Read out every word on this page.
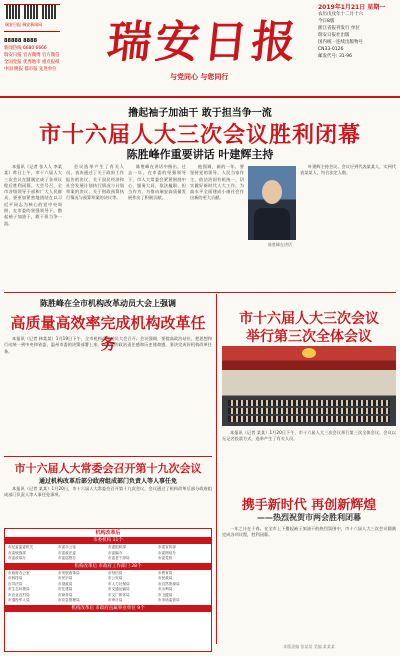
瑞安日报 瑞安新闻网
88888 8888
新闻热线 6680 6666
瑞安日报 官方微博 官方微信
全国党报 优秀地市 重点报纸
中国 晚报 都市报 先进单位
瑞安日报
与党同心 与您同行
2019年1月21日 星期一
农历戊戌年十二月十六
今日8版
浙江省报刊发行 单位
瑞安日报社出版
国内统一连续出版物号
CN33-0126
邮发代号: 31-96
撸起袖子加油干 敢于担当争一流
市十六届人大三次会议胜利闭幕
陈胜峰作重要讲话 叶建辉主持

本报讯（记者 张人人 李某某）昨日上午，市十六届人大三次会议在圆满完成了各项议程后胜利闭幕。大会号召，全市各级领导干部和广大人民群众，要更加紧密地团结在以习近平同志为核心的党中央周围，在市委的坚强领导下，撸起袖子加油干，敢于担当争一流。

会议选举产生了有关人员，表决通过了关于政府工作报告的决议、关于国民经济和社会发展计划执行情况与计划草案的决议、关于财政预算执行情况与预算草案的决议等。

陈胜峰在讲话中指出，过去一年，在市委的坚强领导下，市人大常委会紧紧围绕中心、服务大局，依法履职、担当作为，为推动瑞安高质量发展作出了积极贡献。

他强调，新的一年，要坚持党的领导、人民当家作主、依法治国有机统一，切实做好新时代人大工作，为高水平全面建成小康社会作出新的更大贡献。

陈胜峰在讲话

叶建辉主持会议。会议应到代表某某人，实到代表某某人，符合法定人数。

陈胜峰在全市机构改革动员大会上强调
高质量高效率完成机构改革任务

本报讯（记者 林某某）1月19日下午，全市机构改革动员大会召开。会议强调，要提高政治站位，把思想和行动统一到中央和省委、温州市委的决策部署上来，以高度的政治责任感和历史使命感，坚决完成好机构改革任务。

市十六届人大三次会议
举行第三次全体会议

本报讯（记者 某某）1月20日下午，市十六届人大三次会议举行第三次全体会议。会议以无记名投票方式，选举产生了有关人员。

携手新时代 再创新辉煌
——热烈祝贺市两会胜利闭幕

一年之计在于春。在全市上下撸起袖子加油干的热烈氛围中，市十六届人大三次会议圆满完成各项议程，胜利闭幕。

市十六届人大常委会召开第十九次会议
通过机构改革后部分政府组成部门负责人等人事任免

本报讯（记者 某某）1月20日，市十六届人大常委会召开第十九次会议，会议通过了机构改革后部分政府组成部门负责人等人事任免事项。

机构改革后
市委机构 11个
市纪委监委机关	市委办公室	市委组织部	市委宣传部
市委统战部	市委政法委	市委编办	市委网信办
市委改革办	市委巡察办	市委老干部局	市委党校
机构改革后 市政府工作部门 28个
市政府办公室	市发展改革局	市经信局	市教育局
市科技局	市民宗局	市公安局	市民政局
市司法局	市财政局	市人力社保局	市自然资源局
市生态环境局	市住建局	市交通运输局	市水利局
市农业农村局	市商务局	市文广旅体局	市卫健局
市退役军人局	市应急管理局	市审计局	市市场监管局
机构改革后 市政府直属事业单位 9个
本版责编 张某某 美编 某某某
